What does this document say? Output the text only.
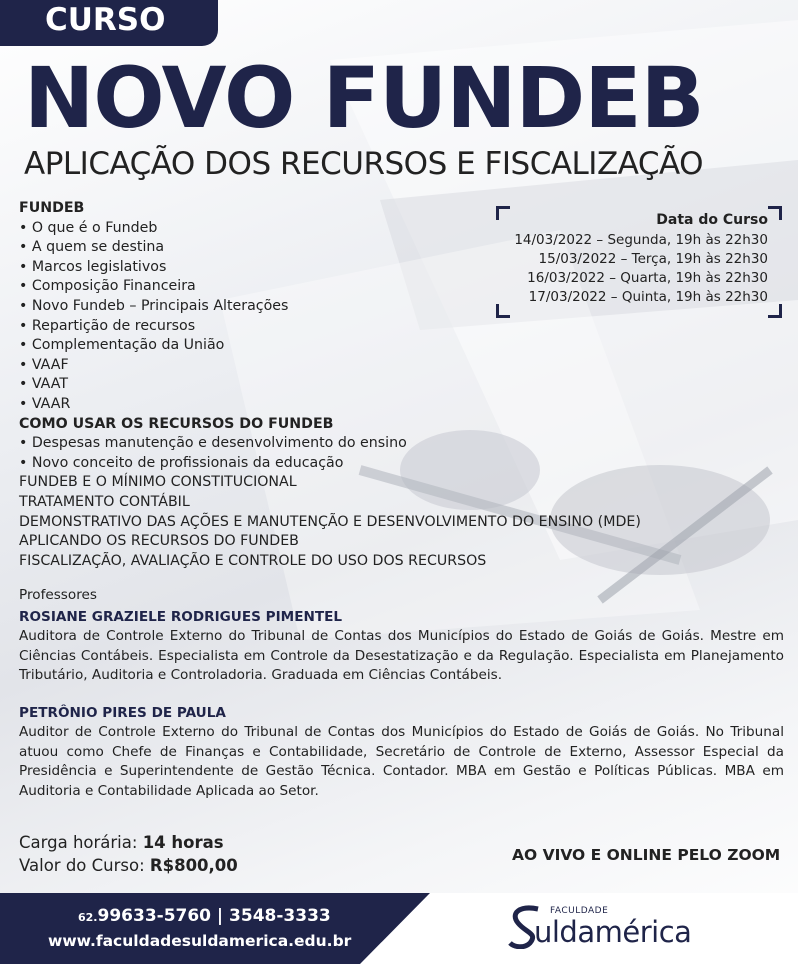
CURSO
NOVO FUNDEB
APLICAÇÃO DOS RECURSOS E FISCALIZAÇÃO
FUNDEB
• O que é o Fundeb
• A quem se destina
• Marcos legislativos
• Composição Financeira
• Novo Fundeb – Principais Alterações
• Repartição de recursos
• Complementação da União
• VAAF
• VAAT
• VAAR
COMO USAR OS RECURSOS DO FUNDEB
• Despesas manutenção e desenvolvimento do ensino
• Novo conceito de profissionais da educação
FUNDEB E O MÍNIMO CONSTITUCIONAL
TRATAMENTO CONTÁBIL
DEMONSTRATIVO DAS AÇÕES E MANUTENÇÃO E DESENVOLVIMENTO DO ENSINO (MDE)
APLICANDO OS RECURSOS DO FUNDEB
FISCALIZAÇÃO, AVALIAÇÃO E CONTROLE DO USO DOS RECURSOS
Data do Curso
14/03/2022 – Segunda, 19h às 22h30
15/03/2022 – Terça, 19h às 22h30
16/03/2022 – Quarta, 19h às 22h30
17/03/2022 – Quinta, 19h às 22h30
Professores
ROSIANE GRAZIELE RODRIGUES PIMENTEL
Auditora de Controle Externo do Tribunal de Contas dos Municípios do Estado de Goiás de Goiás. Mestre em Ciências Contábeis. Especialista em Controle da Desestatização e da Regulação. Especialista em Planejamento Tributário, Auditoria e Controladoria. Graduada em Ciências Contábeis.
PETRÔNIO PIRES DE PAULA
Auditor de Controle Externo do Tribunal de Contas dos Municípios do Estado de Goiás de Goiás. No Tribunal atuou como Chefe de Finanças e Contabilidade, Secretário de Controle de Externo, Assessor Especial da Presidência e Superintendente de Gestão Técnica. Contador. MBA em Gestão e Políticas Públicas. MBA em Auditoria e Contabilidade Aplicada ao Setor.
Carga horária: 14 horas
Valor do Curso: R$800,00
AO VIVO E ONLINE PELO ZOOM
62.99633-5760 | 3548-3333
www.faculdadesuldamerica.edu.br
FACULDADE
uldamérica
